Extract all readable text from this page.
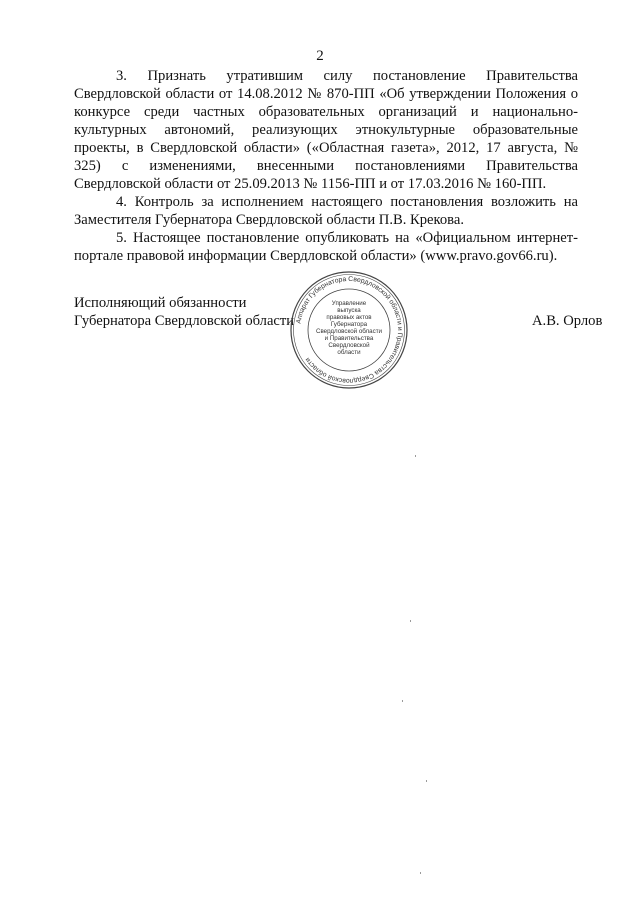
2

3. Признать утратившим силу постановление Правительства Свердловской области от 14.08.2012 № 870-ПП «Об утверждении Положения о конкурсе среди частных образовательных организаций и национально-культурных автономий, реализующих этнокультурные образовательные проекты, в Свердловской области» («Областная газета», 2012, 17 августа, № 325) с изменениями, внесенными постановлениями Правительства Свердловской области от 25.09.2013 № 1156-ПП и от 17.03.2016 № 160-ПП.

4. Контроль за исполнением настоящего постановления возложить на Заместителя Губернатора Свердловской области П.В. Крекова.

5. Настоящее постановление опубликовать на «Официальном интернет-портале правовой информации Свердловской области» (www.pravo.gov66.ru).

Исполняющий обязанности
Губернатора Свердловской области	А.В. Орлов
Аппарат Губернатора Свердловской области и Правительства Свердловской области
Управление
выпуска
правовых актов
Губернатора
Свердловской области
и Правительства
Свердловской
области
